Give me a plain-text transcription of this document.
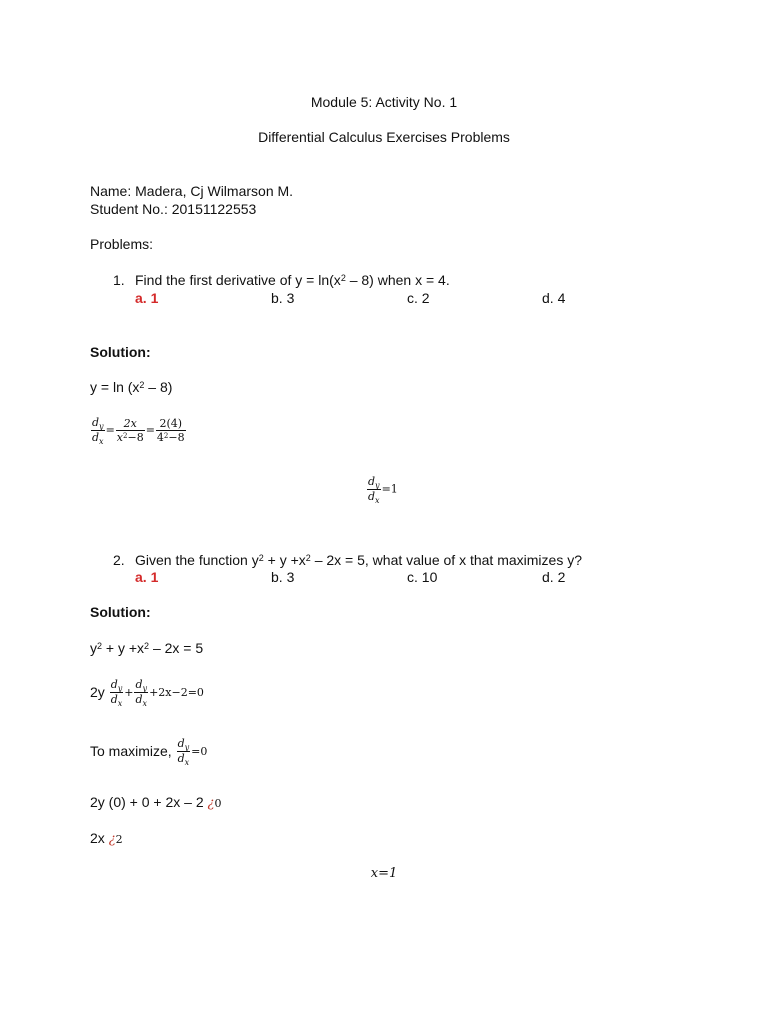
Module 5: Activity No. 1
Differential Calculus Exercises Problems
Name: Madera, Cj Wilmarson M.
Student No.: 20151122553
Problems:
1. Find the first derivative of $y = \ln(x^2 - 8)$ when x = 4.
a. 1	b. 3	c. 2	d. 4
Solution:
$y = \ln (x^2 - 8)$
$\frac{d_y}{d_x} = \frac{2x}{x^2-8} = \frac{2(4)}{4^2-8}$
$\frac{d_y}{d_x} =1$
2. Given the function $y^2 + y +x^2 - 2x = 5$, what value of x that maximizes y?
a. 1	b. 3	c. 10	d. 2
Solution:
$y^2 + y +x^2 - 2x = 5$
$2y \frac{d_y}{d_x} + \frac{d_y}{d_x} +2x-2=0$
To maximize, $\frac{d_y}{d_x} =0$
2y (0) + 0 + 2x – 2 ¿0
2x ¿2
x=1
